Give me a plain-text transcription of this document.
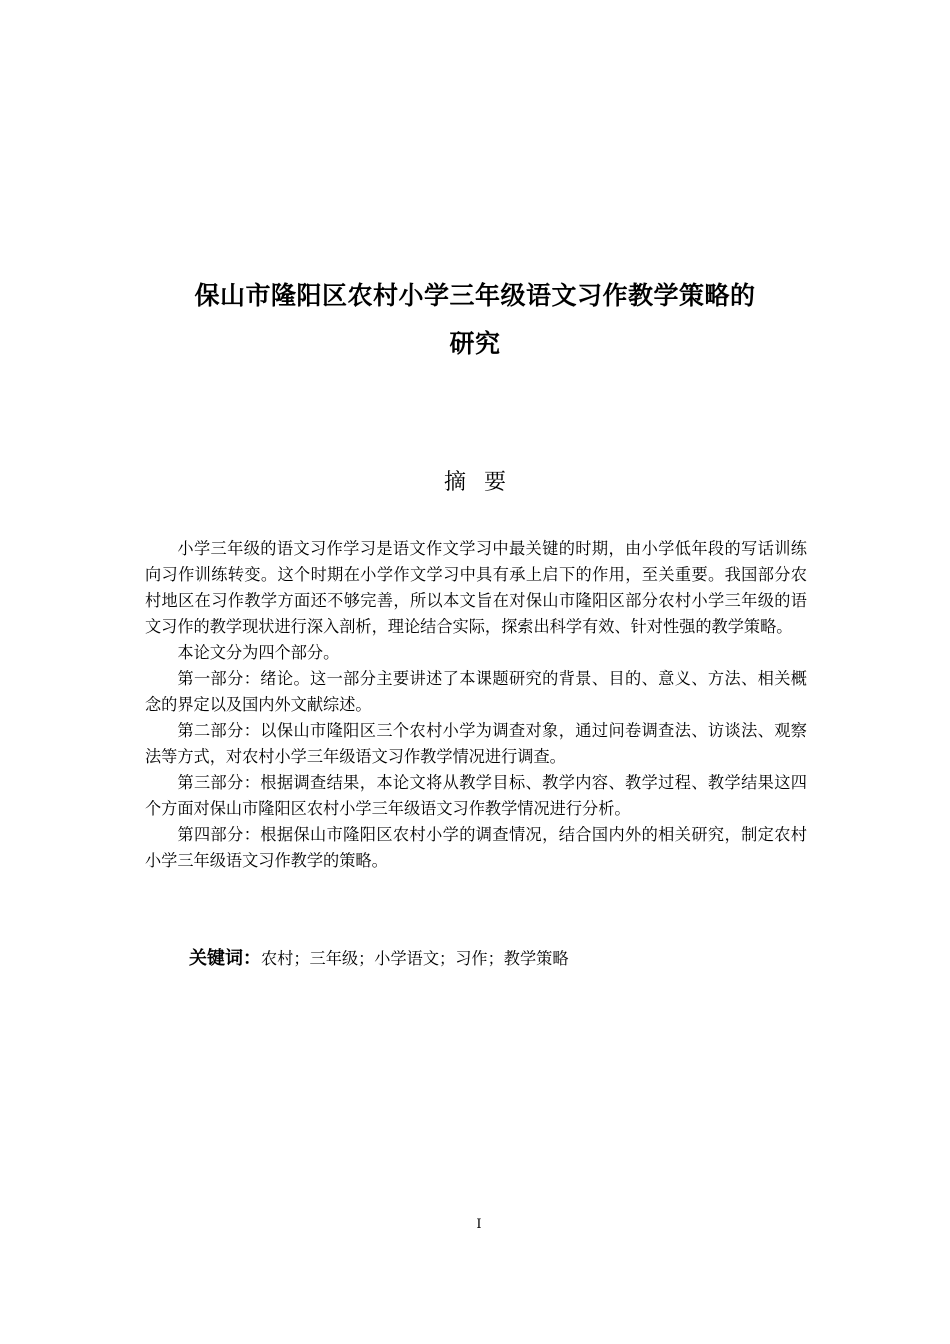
保山市隆阳区农村小学三年级语文习作教学策略的
研究
摘要

小学三年级的语文习作学习是语文作文学习中最关键的时期，由小学低年段的写话训练向习作训练转变。这个时期在小学作文学习中具有承上启下的作用，至关重要。我国部分农村地区在习作教学方面还不够完善，所以本文旨在对保山市隆阳区部分农村小学三年级的语文习作的教学现状进行深入剖析，理论结合实际，探索出科学有效、针对性强的教学策略。

本论文分为四个部分。

第一部分：绪论。这一部分主要讲述了本课题研究的背景、目的、意义、方法、相关概念的界定以及国内外文献综述。

第二部分：以保山市隆阳区三个农村小学为调查对象，通过问卷调查法、访谈法、观察法等方式，对农村小学三年级语文习作教学情况进行调查。

第三部分：根据调查结果，本论文将从教学目标、教学内容、教学过程、教学结果这四个方面对保山市隆阳区农村小学三年级语文习作教学情况进行分析。

第四部分：根据保山市隆阳区农村小学的调查情况，结合国内外的相关研究，制定农村小学三年级语文习作教学的策略。

关键词：农村；三年级；小学语文；习作；教学策略
I
